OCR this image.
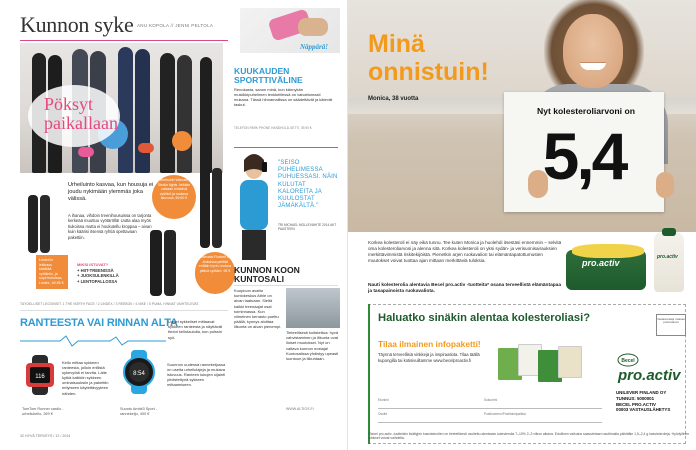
Kunnon syke ANU KOPOLA // JENNI PELTOLA
Pöksyt
paikallaan
Urheiluinto kasvaa, kun housuja ei joudu nykimään ylemmäs joka välissä.
A ihanaa, vihdoin treenihousuissa on tarjonta kerkeää muuttuu vyötäröllä! Uutta alaa myös tiukoissa mutta ei houkutellu kroppaa – aivan kuin käärisi itsensä ryhtiä opettavaan pakettiin.
Lindex'in leikkaus käsittää vyötärön, ja sopii tiukoissa, Lindex, 49,95 €
Reebokin Wanush Studio tights -leikkiin vatsaan kiristävä vyötärö ja mukava istuvuus, 59,90 €
Polvivatsi Rockelt Liz -tiukoissa peittää erittäin hyvin, korkea pitävä vyötärö, 95 €
MIKSI ISTUVAT?
+ HIIT-TREENISSÄ
+ JUOKSULENKILLÄ
+ LENTOPALLOSSA
TÄYDELLISET LEGGINSIT. 1 THE NORTH FACE / 2 LINDEX / 3 REEBOK / 4 NIKE / 5 PUMA. HINNAT VAIHTELEVAT.
RANTEESTA VAI RINNAN ALTA
Uudet sykkeliset mittaavat sykkeen ranteesta ja näyttävät tiedot kellotaululla, kun pulssin syö.
116
Kello mittaa sykkeen ranteesta, jolloin erillistä sykevyötä ei tarvita. Laite kytkä kaikkiin sykkeen ominaisuuksiin ja pakettiin erityiseen käytettävyyteen nähden.
TomTom Runner cardio -urheilukello, 269 €
8:54
Suunnon uudessa ranneketjussa on useita urheilulajeja ja mukava istuvuus. Ranteen lukujen sijainti yhdistettynä sykkeen mittaamiseen.
Suunto Ambit3 Sport -ranneketju, 400 €
32 HYVÄ TERVEYS / 12 / 2014
Näppärä!
KUUKAUDEN SPORTTIVÄLINE
Renokasta, sanon minä, kun kännykän musiikkipuhelimen lenkkeillessä on vaivattomasti mukana. Tässä hihnamallissa on säädettävät ja kätevät taskut.
TELEFON PARK PHONE HANDHOLD-SETTI, 39,90 €.
"SEISO PUHELIMESSA PUHUESSASI. NÄIN KULUTAT KALOREITA JA KUULOSTAT JÄMÄKÄLTÄ."
TRI MICHAEL MOLLEVÄHITE 2014 AKT PAASTEEN
KUNNON KOON KUNTOSALI
Kuopioon avattu kuntokeskus Athle on aivan laatuaan. Sieltä kaikki treenaajat osat toiminnassa. Kun viimeinen kerrasto puettu päällä, kynnys aloittaa liikunta on aivan pienempi.
Tieteellisesti todistettua: hyvä vahvistaminen ja liikunta ovat iloiset muutokset. Nyt on valtava kunnon nostaja! Kuntosalissa yhdistyy upeasti luontoon ja liikuntaan.
WWW.ALTIOS.FI
Nyt kolesteroliarvoni on
5,4
Minä
onnistuin!
Monica, 38 vuotta
Korkea kolesteroli ei näy eikä tunnu. Tee kuten Monica ja huolehdi itsestäsi ennemmin – selvitä oma kolesteroliarvosi ja alenna sitä. Korkea kolesteroli on yksi sydän- ja verisuonisairauksien merkittävimmistä riskitekijöistä. Pienetkin arjen ruokavalion tai elämäntapatottumusten muutokset voivat tuottaa ajan mittaan merkittäviä tuloksia.
Nauti kolesterolia alentavia Becel pro.activ -tuotteita* osana terveellistä elämäntapaa ja tasapainoista ruokavaliota.
pro.activ
pro.activ
Haluatko sinäkin alentaa kolesteroliasi?
Tilaa ilmainen infopaketti!
Täynnä terveellisiä vinkkejä ja inspiraatiota. Tilaa täällä kupongilla tai kotisivuiltamme www.becelproactiv.fi
Vastaanottaja maksaa postimaksun
Becel
pro.activ
UNILEVER FINLAND OY
TUNNUS: 5000001
BECEL PRO.ACTIV
00003 VASTAUSLÄHETYS
Etunimi	Sukunimi
Osoite	Postinumero/Postitoimipaikka
*Becel pro.activ -tuotteisiin lisättyjen kasvisterolien on tieteellisesti osoitettu alentavan kolesterolia 7–10% 2–3 viikon aikana. Edullinen vaikutus saavutetaan nauttimalla päivittäin 1,5–2,4 g kasvisteroleja. Hyödyllinen tulokset voivat vaihdella.
